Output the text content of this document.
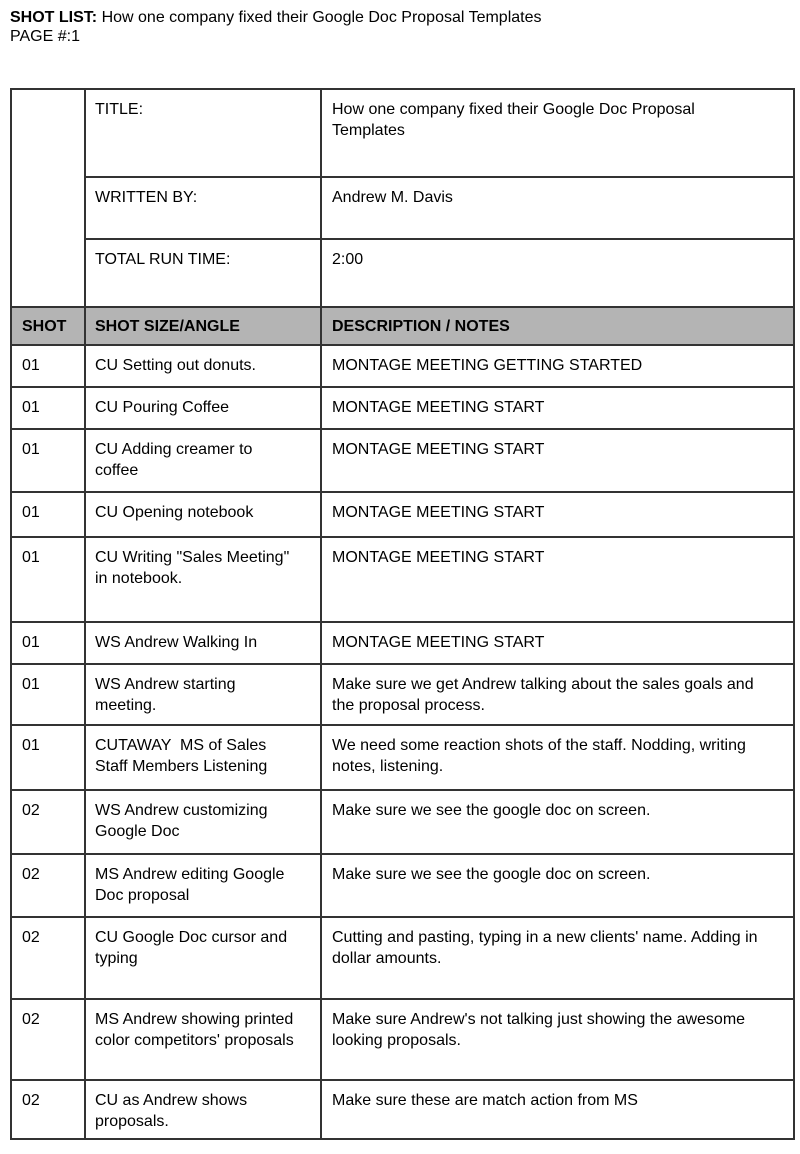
SHOT LIST: How one company fixed their Google Doc Proposal Templates
PAGE #:1
	TITLE:	How one company fixed their Google Doc Proposal Templates
	WRITTEN BY:	Andrew M. Davis
	TOTAL RUN TIME:	2:00
SHOT	SHOT SIZE/ANGLE	DESCRIPTION / NOTES
01	CU Setting out donuts.	MONTAGE MEETING GETTING STARTED
01	CU Pouring Coffee	MONTAGE MEETING START
01	CU Adding creamer to coffee	MONTAGE MEETING START
01	CU Opening notebook	MONTAGE MEETING START
01	CU Writing "Sales Meeting" in notebook.	MONTAGE MEETING START
01	WS Andrew Walking In	MONTAGE MEETING START
01	WS Andrew starting meeting.	Make sure we get Andrew talking about the sales goals and the proposal process.
01	CUTAWAY  MS of Sales Staff Members Listening	We need some reaction shots of the staff. Nodding, writing notes, listening.
02	WS Andrew customizing Google Doc	Make sure we see the google doc on screen.
02	MS Andrew editing Google Doc proposal	Make sure we see the google doc on screen.
02	CU Google Doc cursor and typing	Cutting and pasting, typing in a new clients' name. Adding in dollar amounts.
02	MS Andrew showing printed color competitors' proposals	Make sure Andrew's not talking just showing the awesome looking proposals.
02	CU as Andrew shows proposals.	Make sure these are match action from MS
